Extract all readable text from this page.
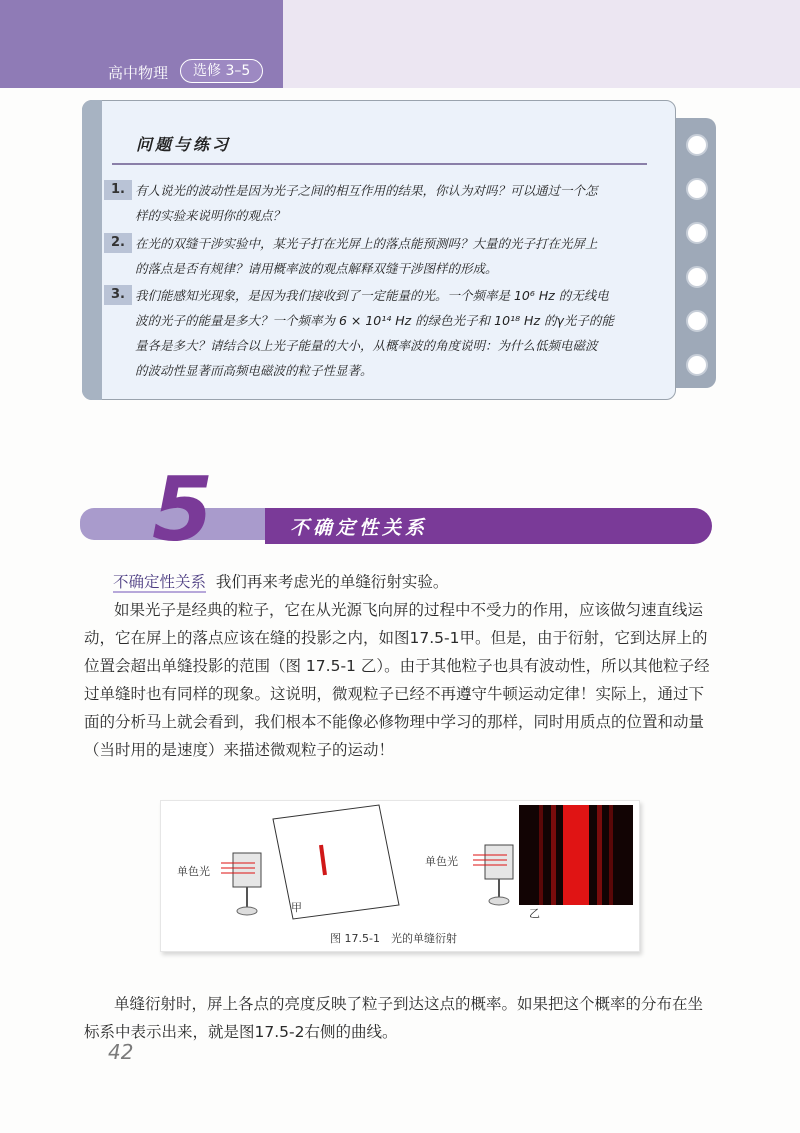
高中物理	选修 3–5
问题与练习
1. 有人说光的波动性是因为光子之间的相互作用的结果，你认为对吗？可以通过一个怎
样的实验来说明你的观点？
2. 在光的双缝干涉实验中，某光子打在光屏上的落点能预测吗？大量的光子打在光屏上
的落点是否有规律？请用概率波的观点解释双缝干涉图样的形成。
3. 我们能感知光现象，是因为我们接收到了一定能量的光。一个频率是 10⁶ Hz 的无线电
波的光子的能量是多大？一个频率为 6 × 10¹⁴ Hz 的绿色光子和 10¹⁸ Hz 的γ光子的能
量各是多大？请结合以上光子能量的大小，从概率波的角度说明：为什么低频电磁波
的波动性显著而高频电磁波的粒子性显著。
5	不确定性关系
不确定性关系 我们再来考虑光的单缝衍射实验。
如果光子是经典的粒子，它在从光源飞向屏的过程中不受力的作用，应该做匀速直线运
动，它在屏上的落点应该在缝的投影之内，如图17.5-1甲。但是，由于衍射，它到达屏上的
位置会超出单缝投影的范围（图 17.5-1 乙）。由于其他粒子也具有波动性，所以其他粒子经
过单缝时也有同样的现象。这说明，微观粒子已经不再遵守牛顿运动定律！实际上，通过下
面的分析马上就会看到，我们根本不能像必修物理中学习的那样，同时用质点的位置和动量
（当时用的是速度）来描述微观粒子的运动！
单色光
甲
单色光
乙
图 17.5-1　光的单缝衍射
单缝衍射时，屏上各点的亮度反映了粒子到达这点的概率。如果把这个概率的分布在坐
标系中表示出来，就是图17.5-2右侧的曲线。
42
